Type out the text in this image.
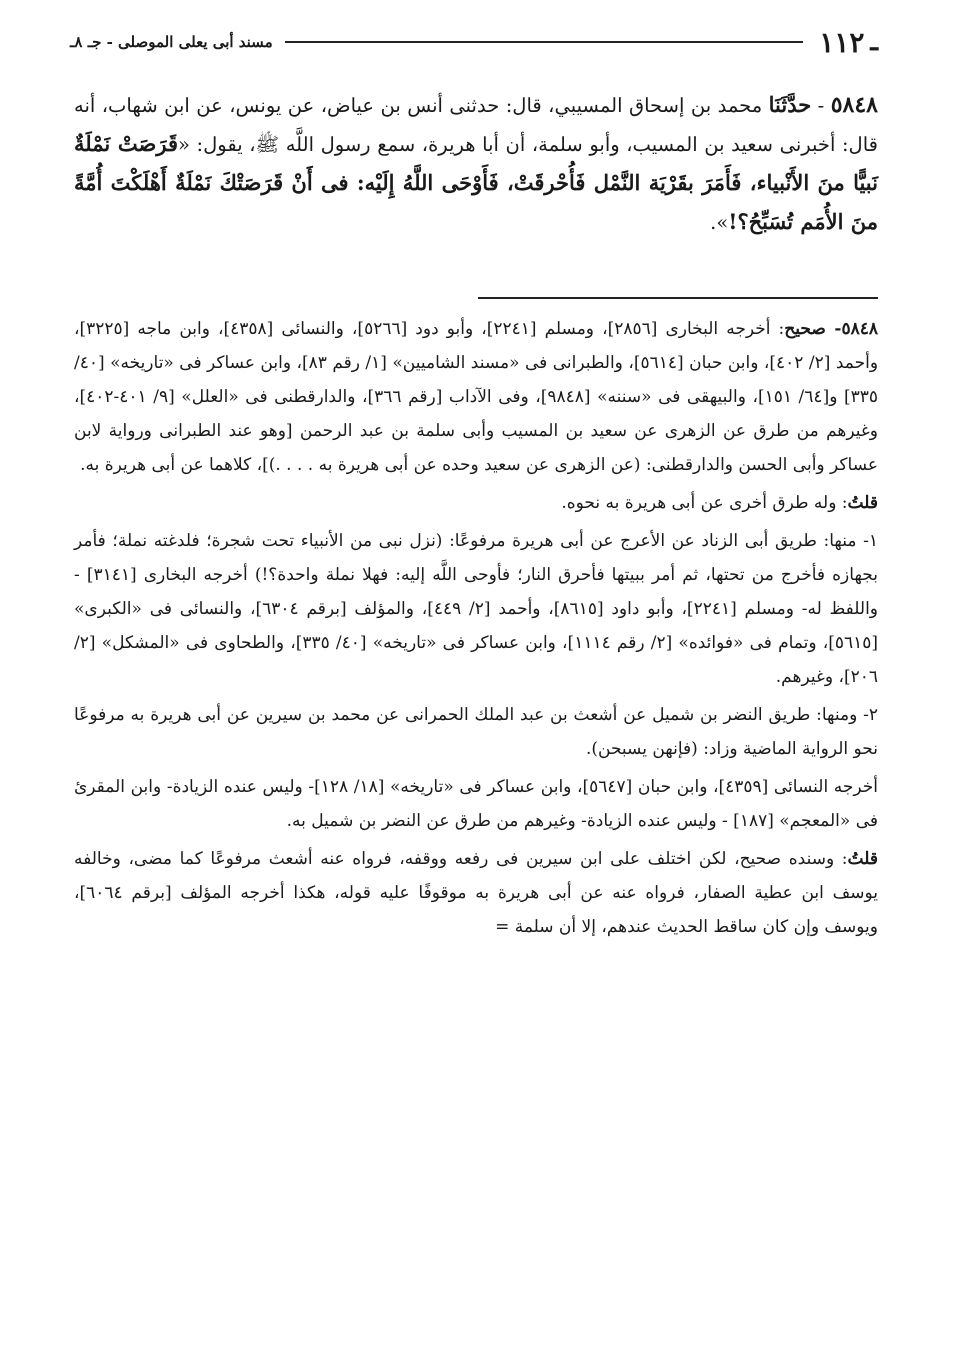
ـ
١١٢
مسند أبى يعلى الموصلى - جـ ٨
ـ
٥٨٤٨ - حدَّثَنَا محمد بن إسحاق المسيبي، قال: حدثنى أنس بن عياض، عن يونس، عن ابن شهاب، أنه قال: أخبرنى سعيد بن المسيب، وأبو سلمة، أن أبا هريرة، سمع رسول اللَّه ﷺ، يقول: «قَرَصَتْ نَمْلَةٌ نَبيًّا منَ الأَنْبياء، فَأَمَرَ بقَرْيَة النَّمْل فَأُحْرقَتْ، فَأَوْحَى اللَّهُ إِلَيْه: فى أَنْ قَرَصَتْكَ نَمْلَةٌ أَهْلَكْتَ أُمَّةً منَ الأُمَم تُسَبِّحُ؟!».

٥٨٤٨- صحيح: أخرجه البخارى [٢٨٥٦]، ومسلم [٢٢٤١]، وأبو دود [٥٢٦٦]، والنسائى [٤٣٥٨]، وابن ماجه [٣٢٢٥]، وأحمد [٢/ ٤٠٢]، وابن حبان [٥٦١٤]، والطبرانى فى «مسند الشاميين» [١/ رقم ٨٣]، وابن عساكر فى «تاريخه» [٤٠/ ٣٣٥] و[٦٤/ ١٥١]، والبيهقى فى «سننه» [٩٨٤٨]، وفى الآداب [رقم ٣٦٦]، والدارقطنى فى «العلل» [٩/ ٤٠١-٤٠٢]، وغيرهم من طرق عن الزهرى عن سعيد بن المسيب وأبى سلمة بن عبد الرحمن [وهو عند الطبرانى ورواية لابن عساكر وأبى الحسن والدارقطنى: (عن الزهرى عن سعيد وحده عن أبى هريرة به . . . .)]، كلاهما عن أبى هريرة به.

قلتُ: وله طرق أخرى عن أبى هريرة به نحوه.

١- منها: طريق أبى الزناد عن الأعرج عن أبى هريرة مرفوعًا: (نزل نبى من الأنبياء تحت شجرة؛ فلدغته نملة؛ فأمر بجهازه فأخرج من تحتها، ثم أمر ببيتها فأحرق النار؛ فأوحى اللَّه إليه: فهلا نملة واحدة؟!) أخرجه البخارى [٣١٤١] - واللفظ له- ومسلم [٢٢٤١]، وأبو داود [٨٦١٥]، وأحمد [٢/ ٤٤٩]، والمؤلف [برقم ٦٣٠٤]، والنسائى فى «الكبرى» [٥٦١٥]، وتمام فى «فوائده» [٢/ رقم ١١١٤]، وابن عساكر فى «تاريخه» [٤٠/ ٣٣٥]، والطحاوى فى «المشكل» [٢/ ٢٠٦]، وغيرهم.

٢- ومنها: طريق النضر بن شميل عن أشعث بن عبد الملك الحمرانى عن محمد بن سيرين عن أبى هريرة به مرفوعًا نحو الرواية الماضية وزاد: (فإنهن يسبحن).

أخرجه النسائى [٤٣٥٩]، وابن حبان [٥٦٤٧]، وابن عساكر فى «تاريخه» [١٨/ ١٢٨]- وليس عنده الزيادة- وابن المقرئ فى «المعجم» [١٨٧] - وليس عنده الزيادة- وغيرهم من طرق عن النضر بن شميل به.

قلتُ: وسنده صحيح، لكن اختلف على ابن سيرين فى رفعه ووقفه، فرواه عنه أشعث مرفوعًا كما مضى، وخالفه يوسف ابن عطية الصفار، فرواه عنه عن أبى هريرة به موقوفًا عليه قوله، هكذا أخرجه المؤلف [برقم ٦٠٦٤]، ويوسف وإن كان ساقط الحديث عندهم، إلا أن سلمة =
